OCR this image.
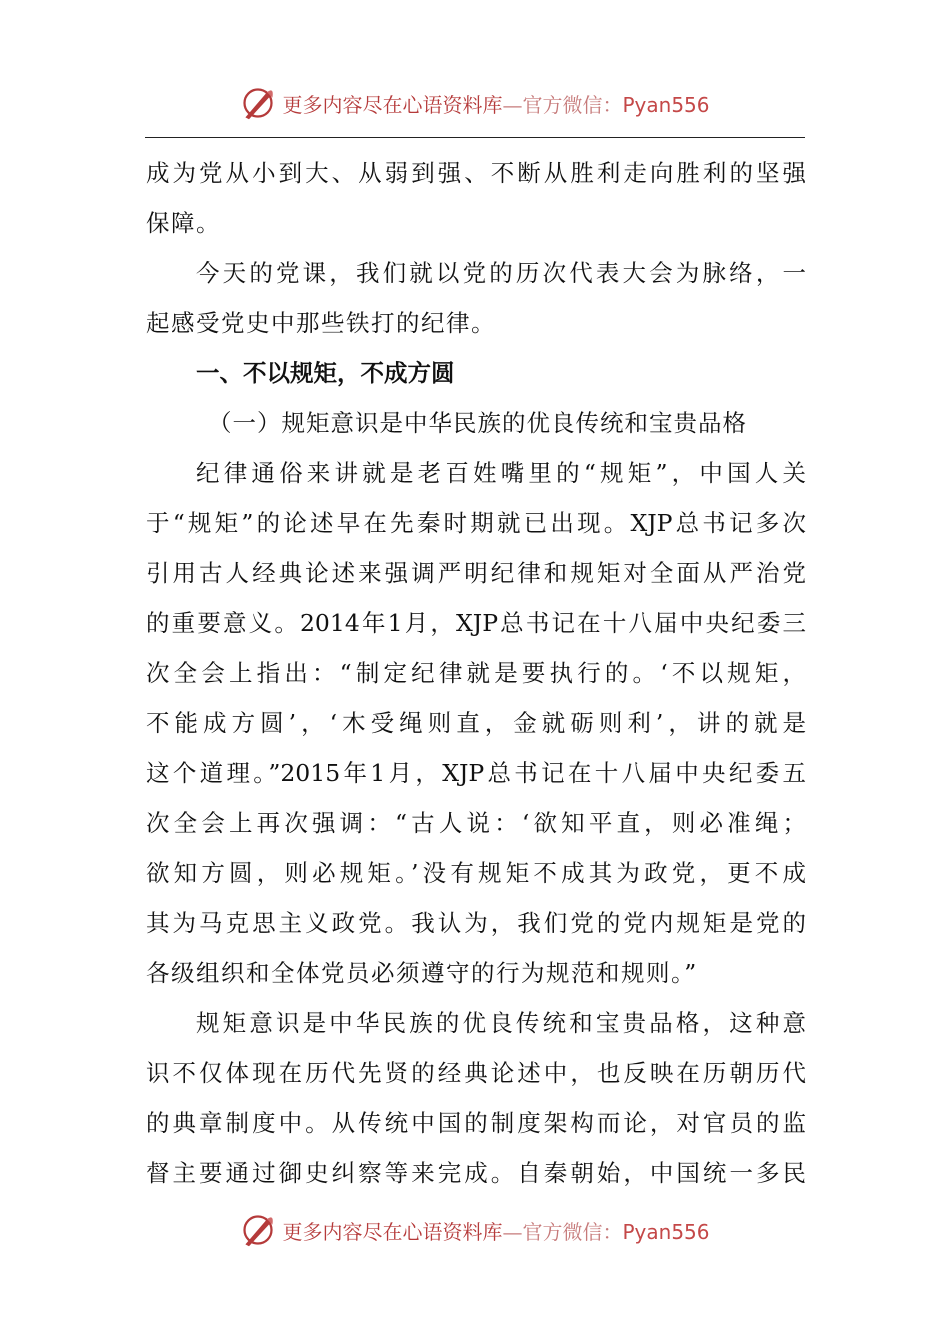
更多内容尽在心语资料库—官方微信：Pyan556
成为党从小到大、从弱到强、不断从胜利走向胜利的坚强
保障。
今天的党课，我们就以党的历次代表大会为脉络，一
起感受党史中那些铁打的纪律。
一、不以规矩，不成方圆
（一）规矩意识是中华民族的优良传统和宝贵品格
纪律通俗来讲就是老百姓嘴里的“规矩”，中国人关
于“规矩”的论述早在先秦时期就已出现。XJP总书记多次
引用古人经典论述来强调严明纪律和规矩对全面从严治党
的重要意义。2014年1月，XJP总书记在十八届中央纪委三
次全会上指出：“制定纪律就是要执行的。‘不以规矩，
不能成方圆’，‘木受绳则直，金就砺则利’，讲的就是
这个道理。”2015年1月，XJP总书记在十八届中央纪委五
次全会上再次强调：“古人说：‘欲知平直，则必准绳；
欲知方圆，则必规矩。’没有规矩不成其为政党，更不成
其为马克思主义政党。我认为，我们党的党内规矩是党的
各级组织和全体党员必须遵守的行为规范和规则。”
规矩意识是中华民族的优良传统和宝贵品格，这种意
识不仅体现在历代先贤的经典论述中，也反映在历朝历代
的典章制度中。从传统中国的制度架构而论，对官员的监
督主要通过御史纠察等来完成。自秦朝始，中国统一多民
更多内容尽在心语资料库—官方微信：Pyan556
